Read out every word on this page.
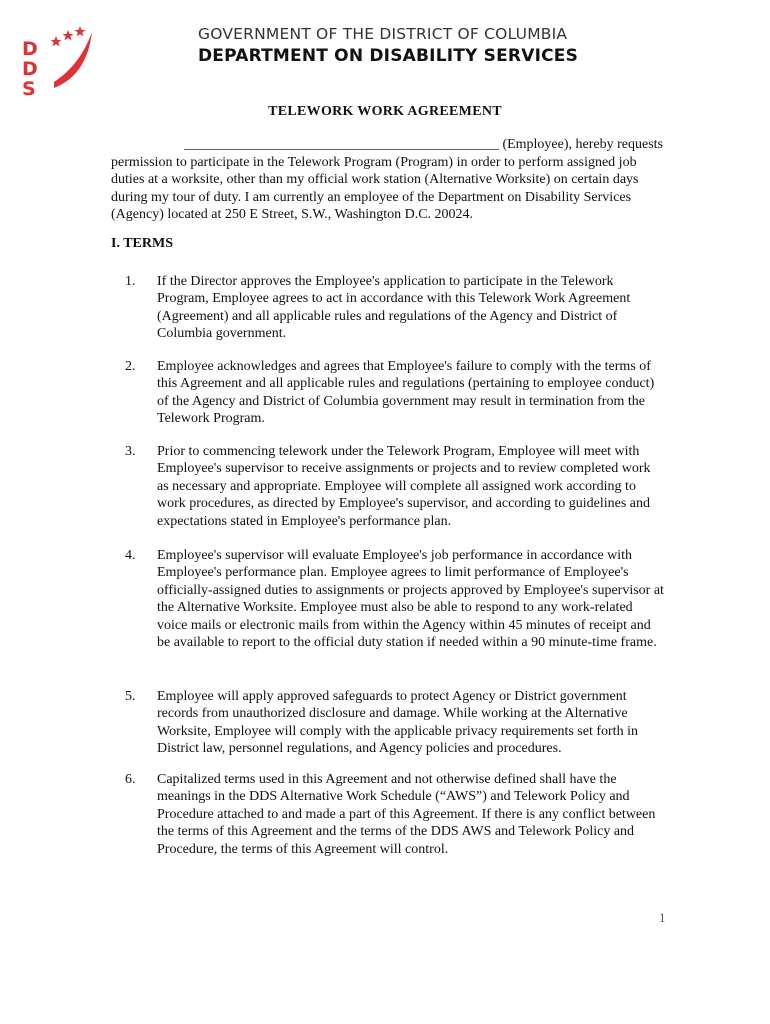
D
D
S
GOVERNMENT OF THE DISTRICT OF COLUMBIA
DEPARTMENT ON DISABILITY SERVICES
TELEWORK WORK AGREEMENT
_____________________________________________ (Employee), hereby requests
permission to participate in the Telework Program (Program) in order to perform assigned job duties at a worksite, other than my official work station (Alternative Worksite) on certain days during my tour of duty. I am currently an employee of the Department on Disability Services (Agency) located at 250 E Street, S.W., Washington D.C. 20024.
I. TERMS
1.	If the Director approves the Employee's application to participate in the Telework Program, Employee agrees to act in accordance with this Telework Work Agreement (Agreement) and all applicable rules and regulations of the Agency and District of Columbia government.
2.	Employee acknowledges and agrees that Employee's failure to comply with the terms of this Agreement and all applicable rules and regulations (pertaining to employee conduct) of the Agency and District of Columbia government may result in termination from the Telework Program.
3.	Prior to commencing telework under the Telework Program, Employee will meet with Employee's supervisor to receive assignments or projects and to review completed work as necessary and appropriate. Employee will complete all assigned work according to work procedures, as directed by Employee's supervisor, and according to guidelines and expectations stated in Employee's performance plan.
4.	Employee's supervisor will evaluate Employee's job performance in accordance with Employee's performance plan. Employee agrees to limit performance of Employee's officially-assigned duties to assignments or projects approved by Employee's supervisor at the Alternative Worksite. Employee must also be able to respond to any work-related voice mails or electronic mails from within the Agency within 45 minutes of receipt and be available to report to the official duty station if needed within a 90 minute-time frame.
5.	Employee will apply approved safeguards to protect Agency or District government records from unauthorized disclosure and damage. While working at the Alternative Worksite, Employee will comply with the applicable privacy requirements set forth in District law, personnel regulations, and Agency policies and procedures.
6.	Capitalized terms used in this Agreement and not otherwise defined shall have the meanings in the DDS Alternative Work Schedule (“AWS”) and Telework Policy and Procedure attached to and made a part of this Agreement. If there is any conflict between the terms of this Agreement and the terms of the DDS AWS and Telework Policy and Procedure, the terms of this Agreement will control.
1
